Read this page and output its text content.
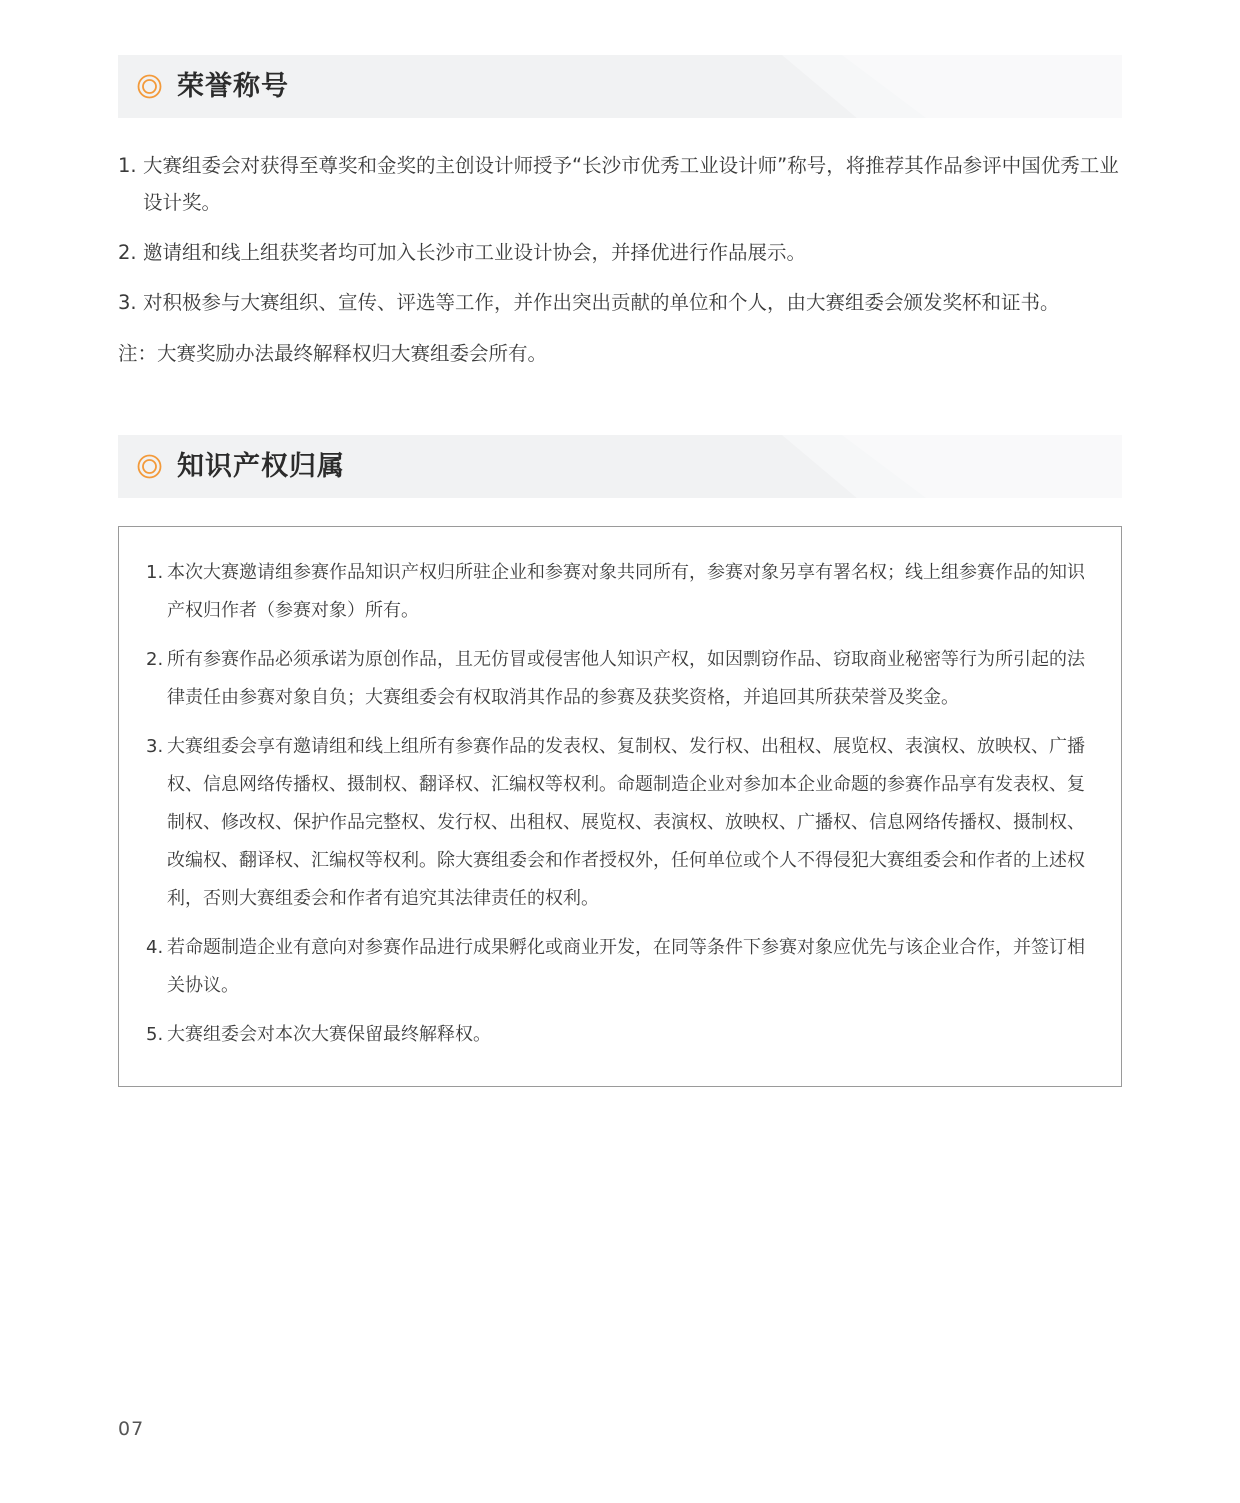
荣誉称号
1. 大赛组委会对获得至尊奖和金奖的主创设计师授予“长沙市优秀工业设计师”称号，将推荐其作品参评中国优秀工业设计奖。
2. 邀请组和线上组获奖者均可加入长沙市工业设计协会，并择优进行作品展示。
3. 对积极参与大赛组织、宣传、评选等工作，并作出突出贡献的单位和个人，由大赛组委会颁发奖杯和证书。
注：大赛奖励办法最终解释权归大赛组委会所有。
知识产权归属
1. 本次大赛邀请组参赛作品知识产权归所驻企业和参赛对象共同所有，参赛对象另享有署名权；线上组参赛作品的知识产权归作者（参赛对象）所有。
2. 所有参赛作品必须承诺为原创作品，且无仿冒或侵害他人知识产权，如因剽窃作品、窃取商业秘密等行为所引起的法律责任由参赛对象自负；大赛组委会有权取消其作品的参赛及获奖资格，并追回其所获荣誉及奖金。
3. 大赛组委会享有邀请组和线上组所有参赛作品的发表权、复制权、发行权、出租权、展览权、表演权、放映权、广播权、信息网络传播权、摄制权、翻译权、汇编权等权利。命题制造企业对参加本企业命题的参赛作品享有发表权、复制权、修改权、保护作品完整权、发行权、出租权、展览权、表演权、放映权、广播权、信息网络传播权、摄制权、改编权、翻译权、汇编权等权利。除大赛组委会和作者授权外，任何单位或个人不得侵犯大赛组委会和作者的上述权利，否则大赛组委会和作者有追究其法律责任的权利。
4. 若命题制造企业有意向对参赛作品进行成果孵化或商业开发，在同等条件下参赛对象应优先与该企业合作，并签订相关协议。
5. 大赛组委会对本次大赛保留最终解释权。
07
